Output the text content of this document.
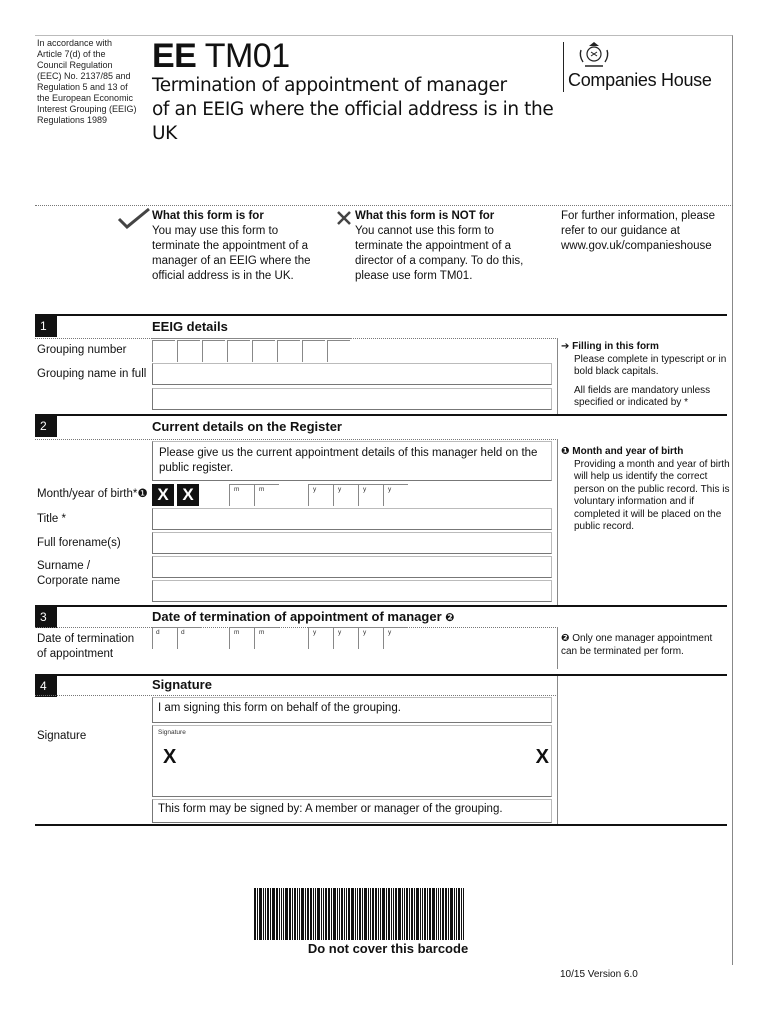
In accordance with Article 7(d) of the Council Regulation (EEC) No. 2137/85 and Regulation 5 and 13 of the European Economic Interest Grouping (EEIG) Regulations 1989
EE TM01
Termination of appointment of manager
of an EEIG where the official address is in the UK
Companies House
What this form is for
You may use this form to terminate the appointment of a manager of an EEIG where the official address is in the UK.
What this form is NOT for
You cannot use this form to terminate the appointment of a director of a company. To do this, please use form TM01.
For further information, please refer to our guidance at www.gov.uk/companieshouse
1	EEIG details
Grouping number
Grouping name in full
➔ Filling in this form
Please complete in typescript or in bold black capitals.
All fields are mandatory unless specified or indicated by *
2	Current details on the Register
Please give us the current appointment details of this manager held on the public register.
Month/year of birth*❶ X X	m	m	y	y	y	y
Title *
Full forename(s)
Surname /
Corporate name
❶ Month and year of birth
Providing a month and year of birth will help us identify the correct person on the public record. This is voluntary information and if completed it will be placed on the public record.
3	Date of termination of appointment of manager ❷
Date of termination
of appointment
d	d	m	m	y	y	y	y
❷ Only one manager appointment can be terminated per form.
4	Signature
I am signing this form on behalf of the grouping.
Signature	Signature
X	X
This form may be signed by: A member or manager of the grouping.
Do not cover this barcode
10/15 Version 6.0
